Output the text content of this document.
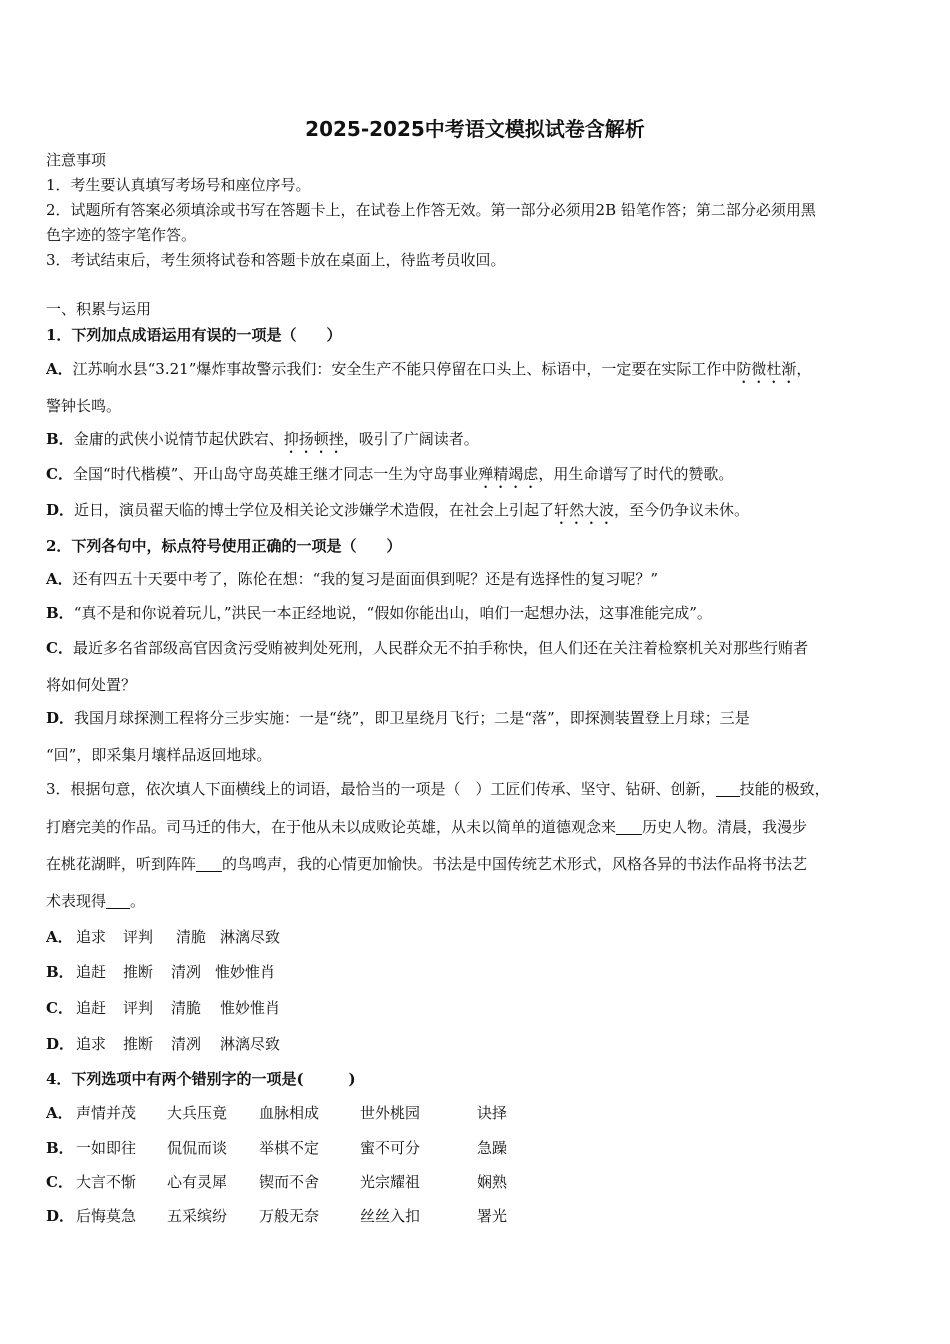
2025-2025中考语文模拟试卷含解析
注意事项
1．考生要认真填写考场号和座位序号。
2．试题所有答案必须填涂或书写在答题卡上，在试卷上作答无效。第一部分必须用2B 铅笔作答；第二部分必须用黑
色字迹的签字笔作答。
3．考试结束后，考生须将试卷和答题卡放在桌面上，待监考员收回。
一、积累与运用
1．下列加点成语运用有误的一项是（　　）
A．江苏响水县“3.21”爆炸事故警示我们：安全生产不能只停留在口头上、标语中，一定要在实际工作中防微杜渐，
警钟长鸣。
B．金庸的武侠小说情节起伏跌宕、抑扬顿挫，吸引了广阔读者。
C．全国“时代楷模”、开山岛守岛英雄王继才同志一生为守岛事业殚精竭虑，用生命谱写了时代的赞歌。
D．近日，演员翟天临的博士学位及相关论文涉嫌学术造假，在社会上引起了轩然大波，至今仍争议未休。
2．下列各句中，标点符号使用正确的一项是（　　）
A．还有四五十天要中考了，陈伦在想：“我的复习是面面俱到呢？还是有选择性的复习呢？”
B．“真不是和你说着玩儿，”洪民一本正经地说，“假如你能出山，咱们一起想办法，这事准能完成”。
C．最近多名省部级高官因贪污受贿被判处死刑，人民群众无不拍手称快，但人们还在关注着检察机关对那些行贿者
将如何处置？
D．我国月球探测工程将分三步实施：一是“绕”，即卫星绕月飞行；二是“落”，即探测装置登上月球；三是
“回”，即采集月壤样品返回地球。
3．根据句意，依次填人下面横线上的词语，最恰当的一项是（　）工匠们传承、坚守、钻研、创新， 技能的极致，
打磨完美的作品。司马迁的伟大，在于他从未以成败论英雄，从未以简单的道德观念来 历史人物。清晨，我漫步
在桃花湖畔，听到阵阵 的鸟鸣声，我的心情更加愉快。书法是中国传统艺术形式，风格各异的书法作品将书法艺
术表现得 。
A． 追求 评判 清脆 淋漓尽致
B． 追赶 推断 清冽 惟妙惟肖
C． 追赶 评判 清脆 惟妙惟肖
D． 追求 推断 清冽 淋漓尽致
4．下列选项中有两个错别字的一项是(　　　)
A． 声情并茂 大兵压竟 血脉相成	世外桃园	诀择
B． 一如即往 侃侃而谈 举棋不定	蜜不可分	急躁
C． 大言不惭 心有灵犀 锲而不舍	光宗耀祖	娴熟
D． 后悔莫急 五采缤纷 万般无奈	丝丝入扣	署光
